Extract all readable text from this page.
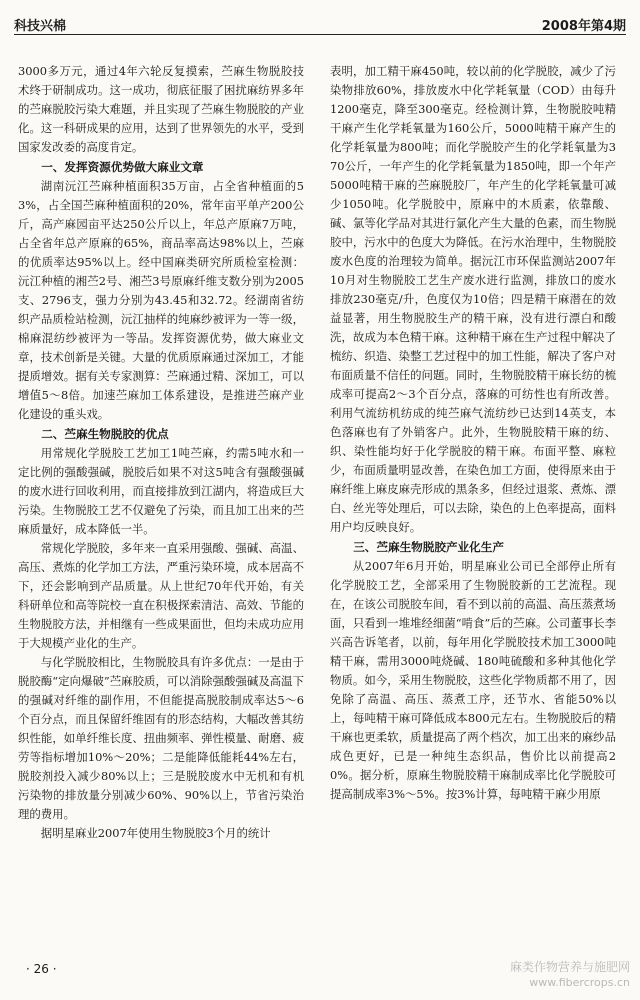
科技兴棉	2008年第4期

3000多万元，通过4年六轮反复摸索，苎麻生物脱胶技术终于研制成功。这一成功，彻底征服了困扰麻纺界多年的苎麻脱胶污染大难题，并且实现了苎麻生物脱胶的产业化。这一科研成果的应用，达到了世界领先的水平，受到国家发改委的高度肯定。

一、发挥资源优势做大麻业文章

湖南沅江苎麻种植面积35万亩，占全省种植面的53%，占全国苎麻种植面积的20%，常年亩平单产200公斤，高产麻园亩平达250公斤以上，年总产原麻7万吨，占全省年总产原麻的65%，商品率高达98%以上，苎麻的优质率达95%以上。经中国麻类研究所质检室检测：沅江种植的湘苎2号、湘苎3号原麻纤维支数分别为2005支、2796支，强力分别为43.45和32.72。经湖南省纺织产品质检站检测，沅江抽样的纯麻纱被评为一等一级，棉麻混纺纱被评为一等品。发挥资源优势，做大麻业文章，技术创新是关键。大量的优质原麻通过深加工，才能提质增效。据有关专家测算：苎麻通过精、深加工，可以增值5～8倍。加速苎麻加工体系建设，是推进苎麻产业化建设的重头戏。

二、苎麻生物脱胶的优点

用常规化学脱胶工艺加工1吨苎麻，约需5吨水和一定比例的强酸强碱，脱胶后如果不对这5吨含有强酸强碱的废水进行回收利用，而直接排放到江湖内，将造成巨大污染。生物脱胶工艺不仅避免了污染，而且加工出来的苎麻质量好，成本降低一半。

常规化学脱胶，多年来一直采用强酸、强碱、高温、高压、煮炼的化学加工方法，严重污染环境，成本居高不下，还会影响到产品质量。从上世纪70年代开始，有关科研单位和高等院校一直在积极探索清洁、高效、节能的生物脱胶方法，并相继有一些成果面世，但均未成功应用于大规模产业化的生产。

与化学脱胶相比，生物脱胶具有许多优点：一是由于脱胶酶“定向爆破”苎麻胶质，可以消除强酸强碱及高温下的强碱对纤维的副作用，不但能提高脱胶制成率达5～6个百分点，而且保留纤维固有的形态结构，大幅改善其纺织性能，如单纤维长度、扭曲频率、弹性模量、耐磨、疲劳等指标增加10%～20%；二是能降低能耗44%左右，脱胶剂投入减少80%以上；三是脱胶废水中无机和有机污染物的排放量分别减少60%、90%以上，节省污染治理的费用。

据明星麻业2007年使用生物脱胶3个月的统计

表明，加工精干麻450吨，较以前的化学脱胶，减少了污染物排放60%，排放废水中化学耗氧量（COD）由每升1200毫克，降至300毫克。经检测计算，生物脱胶吨精干麻产生化学耗氧量为160公斤，5000吨精干麻产生的化学耗氧量为800吨；而化学脱胶产生的化学耗氧量为370公斤，一年产生的化学耗氧量为1850吨，即一个年产5000吨精干麻的苎麻脱胶厂，年产生的化学耗氧量可减少1050吨。化学脱胶中，原麻中的木质素，依靠酸、碱、氯等化学品对其进行氯化产生大量的色素，而生物脱胶中，污水中的色度大为降低。在污水治理中，生物脱胶废水色度的治理较为简单。据沅江市环保监测站2007年10月对生物脱胶工艺生产废水进行监测，排放口的废水排放230毫克/升，色度仅为10倍；四是精干麻潜在的效益显著，用生物脱胶生产的精干麻，没有进行漂白和酸洗，故成为本色精干麻。这种精干麻在生产过程中解决了梳纺、织造、染整工艺过程中的加工性能，解决了客户对布面质量不信任的问题。同时，生物脱胶精干麻长纺的梳成率可提高2～3个百分点，落麻的可纺性也有所改善。利用气流纺机纺成的纯苎麻气流纺纱已达到14英支，本色落麻也有了外销客户。此外，生物脱胶精干麻的纺、织、染性能均好于化学脱胶的精干麻。布面平整、麻粒少，布面质量明显改善，在染色加工方面，使得原来由于麻纤维上麻皮麻壳形成的黑条多，但经过退浆、煮炼、漂白、丝光等处理后，可以去除，染色的上色率提高，面料用户均反映良好。

三、苎麻生物脱胶产业化生产

从2007年6月开始，明星麻业公司已全部停止所有化学脱胶工艺，全部采用了生物脱胶新的工艺流程。现在，在该公司脱胶车间，看不到以前的高温、高压蒸煮场面，只看到一堆堆经细菌“啃食”后的苎麻。公司董事长李兴高告诉笔者，以前，每年用化学脱胶技术加工3000吨精干麻，需用3000吨烧碱、180吨硫酸和多种其他化学物质。如今，采用生物脱胶，这些化学物质都不用了，因免除了高温、高压、蒸煮工序，还节水、省能50%以上，每吨精干麻可降低成本800元左右。生物脱胶后的精干麻也更柔软，质量提高了两个档次，加工出来的麻纱品成色更好，已是一种纯生态织品，售价比以前提高20%。据分析，原麻生物脱胶精干麻制成率比化学脱胶可提高制成率3%～5%。按3%计算，每吨精干麻少用原

· 26 ·	麻类作物营养与施肥网
www.fibercrops.cn
